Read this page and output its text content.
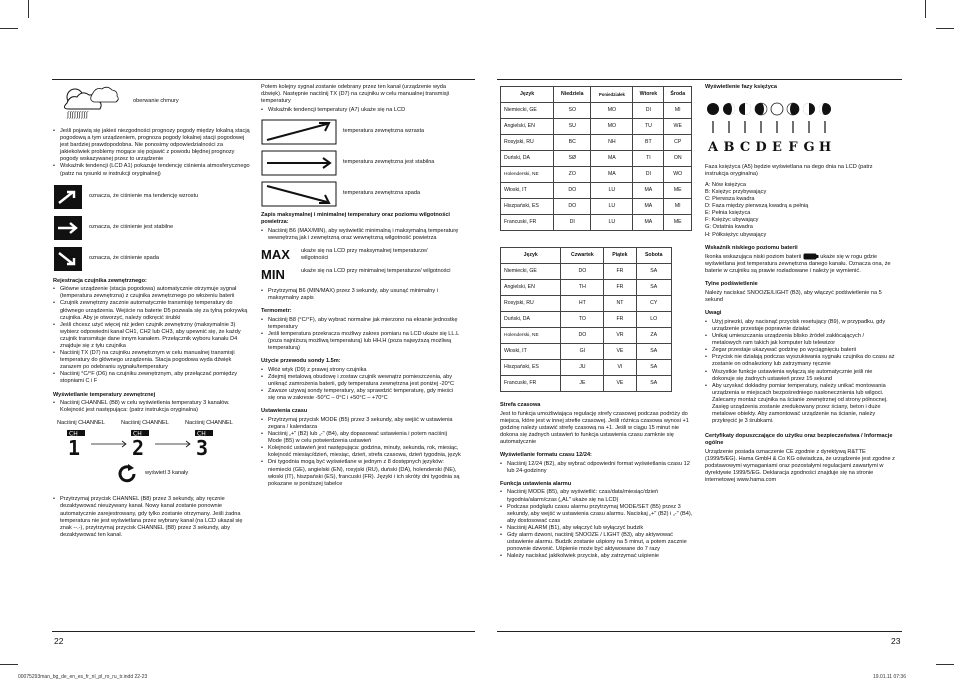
ʃʃʃʃʃʃʃʃʃ
oberwanie chmury
• Jeśli pojawią się jakieś niezgodności prognozy pogody między lokalną stacją pogodową a tym urządzeniem, prognoza pogody lokalnej stacji pogodowej jest bardziej prawdopodobna. Nie ponosimy odpowiedzialności za jakiekolwiek problemy mogące się pojawić z powodu błędnej prognozy pogody wskazywanej przez to urządzenie
• Wskaźnik tendencji (LCD A1) pokazuje tendencję ciśnienia atmosferycznego (patrz na rysunki w instrukcji oryginalnej)
oznacza, że ciśnienie ma tendencję wzrostu
oznacza, że ciśnienie jest stabilne
oznacza, że ciśnienie spada

Rejestracja czujnika zewnętrznego:

• Główne urządzenie (stacja pogodowa) automatycznie otrzymuje sygnał (temperatura zewnętrzna) z czujnika zewnętrznego po włożeniu baterii
• Czujnik zewnętrzny zacznie automatycznie transmisję temperatury do głównego urządzenia. Wejście na baterie D5 pozwala się za tylną pokrywką czujnika. Aby je otworzyć, należy odkręcić śrubki
• Jeśli chcesz użyć więcej niż jeden czujnik zewnętrzny (maksymalnie 3) wybierz odpowiedni kanał CH1, CH2 lub CH3, aby upewnić się, że każdy czujnik transmituje dane innym kanałem. Przełącznik wyboru kanału D4 znajduje się z tyłu czujnika
• Naciśnij TX (D7) na czujniku zewnętrznym w celu manualnej transmisji temperatury do głównego urządzenia. Stacja pogodowa wyda dźwięk zarazem po odebraniu sygnału/temperatury
• Naciśnij °C/°F (D6) na czujniku zewnętrznym, aby przełączać pomiędzy stopniami C i F

Wyświetlanie temperatury zewnętrznej

• Naciśnij CHANNEL (B8) w celu wyświetlenia temperatury 3 kanałów. Kolejność jest następująca: (patrz instrukcja oryginalna)
Naciśnij CHANNEL	Naciśnij CHANNEL	Naciśnij CHANNEL
CH
1
CH
2
CH
3
wyświetl 3 kanały
• Przytrzymaj przycisk CHANNEL (B8) przez 3 sekundy, aby ręcznie dezaktywować nieużywany kanał. Nowy kanał zostanie ponownie automatycznie zarejestrowany, gdy tylko zostanie otrzymany. Jeśli żadna temperatura nie jest wyświetlana przez wybrany kanał (na LCD ukazał się znak --.-), przytrzymaj przycisk CHANNEL (B8) przez 3 sekundy, aby dezaktywować ten kanał.

Potem kolejny sygnał zostanie odebrany przez ten kanał (urządzenie wyda dźwięk). Następnie naciśnij TX (D7) na czujniku w celu manualnej transmisji temperatury

• Wskaźnik tendencji temperatury (A7) ukaże się na LCD
temperatura zewnętrzna wzrasta
temperatura zewnętrzna jest stabilna
temperatura zewnętrzna spada

Zapis maksymalnej i minimalnej temperatury oraz poziomu wilgotności powietrza:

• Naciśnij B6 (MAX/MIN), aby wyświetlić minimalną i maksymalną temperaturę wewnętrzną jak i zewnętrzną oraz wewnętrzną wilgotność powietrza
MAX	ukaże się na LCD przy maksymalnej temperaturze/ wilgotności
MIN	ukaże się na LCD przy minimalnej temperaturze/ wilgotności
• Przytrzymaj B6 (MIN/MAX) przez 3 sekundy, aby usunąć minimalny i maksymalny zapis

Termometr:

• Naciśnij B8 (°C/°F), aby wybrać normalne jak mierzono na ekranie jednostkę temperatury
• Jeśli temperatura przekracza możliwy zakres pomiaru na LCD ukaże się LL.L (poza najniższą możliwą temperaturą) lub HH.H (poza najwyższą możliwą temperaturą)

Użycie przewodu sondy 1.5m:

• Włóż wtyk (D9) z prawej strony czujnika
• Zdejmij metalową obudowę i zostaw czujnik wewnątrz pomieszczenia, aby uniknąć zamrożenia baterii, gdy temperatura zewnętrzna jest poniżej -20°C
• Zawsze używaj sondy temperatury, aby sprawdzić temperaturę, gdy mieści się ona w zakresie -50°C – 0°C i +50°C – +70°C

Ustawienia czasu

• Przytrzymaj przycisk MODE (B5) przez 3 sekundy, aby wejść w ustawienia zegara / kalendarza
• Naciśnij „+" (B2) lub „-" (B4), aby dopasować ustawienia i potem naciśnij Mode (B5) w celu potwierdzenia ustawień
• Kolejność ustawień jest następująca: godzina, minuty, sekunda, rok, miesiąc, kolejność miesiąc/dzień, miesiąc, dzień, strefa czasowa, dzień tygodnia, język
• Dni tygodnia mogą być wyświetlane w jednym z 8 dostępnych języków: niemiecki (GE), angielski (EN), rosyjski (RU), duński (DA), holenderski (NE), włoski (IT), hiszpański (ES), francuski (FR). Języki i ich skróty dni tygodnia są pokazane w poniższej tabelce
22
Język	Niedziela	Poniedziałek	Wtorek	Środa
Niemiecki, GE	SO	MO	DI	MI
Angielski, EN	SU	MO	TU	WE
Rosyjski, RU	BC	NH	BT	CP
Duński, DA	SØ	MA	TI	ON
Holenderski, NE	ZO	MA	DI	WO
Włoski, IT	DO	LU	MA	ME
Hiszpański, ES	DO	LU	MA	MI
Francuski, FR	DI	LU	MA	ME
Język	Czwartek	Piątek	Sobota
Niemiecki, GE	DO	FR	SA
Angielski, EN	TH	FR	SA
Rosyjski, RU	HT	NT	CY
Duński, DA	TO	FR	LO
Holenderski, NE	DO	VR	ZA
Włoski, IT	GI	VE	SA
Hiszpański, ES	JU	VI	SA
Francuski, FR	JE	VE	SA

Strefa czasowa

Jest to funkcja umożliwiająca regulację strefy czasowej podczas podróży do miejsca, które jest w innej strefie czasowej. Jeśli różnica czasowa wynosi +1 godzinę należy ustawić strefę czasową na +1. Jeśli w ciągu 15 minut nie dokona się żadnych ustawień to funkcja ustawienia czasu zamknie się automatycznie

Wyświetlanie formatu czasu 12/24:

• Naciśnij 12/24 (B2), aby wybrać odpowiedni format wyświetlania czasu 12 lub 24-godzinny

Funkcja ustawienia alarmu

• Naciśnij MODE (B5), aby wyświetlić: czas/data/miesiąc/dzień tygodnia/alarm/czas („AL" ukaże się na LCD)
• Podczas podglądu czasu alarmu przytrzymaj MODE/SET (B5) przez 3 sekundy, aby wejść w ustawienia czasu alarmu. Naciskaj „+" (B2) i „-" (B4), aby dostosować czas
• Naciśnij ALARM (B1), aby włączyć lub wyłączyć budzik
• Gdy alarm dzwoni, naciśnij SNOOZE / LIGHT (B3), aby aktywować ustawienie alarmu. Budzik zostanie uśpiony na 5 minut, a potem zacznie ponownie dzwonić. Uśpienie może być aktywowane do 7 razy
• Należy naciskać jakikolwiek przycisk, aby zatrzymać uśpienie

Wyświetlenie fazy księżyca

A B C D E F G H

Faza księżyca (A5) będzie wyświetlana na dego dnia na LCD (patrz instrukcja oryginalna)

A: Nów księżyca
B: Księżyc przybywający
C: Pierwsza kwadra
D: Faza między pierwszą kwadrą a pełnią
E: Pełnia księżyca
F: Księżyc ubywający
G: Ostatnia kwadra
H: Półksiężyc ubywający

Wskaźnik niskiego poziomu baterii

Ikonka wskazująca niski poziom baterii	ukaże się w rogu gdzie wyświetlana jest temperatura zewnętrzna danego kanału. Oznacza ona, że baterie w czujniku są prawie rozładowane i należy je wymienić.

Tylne podświetlenie

Należy naciskać SNOOZE/LIGHT (B3), aby włączyć podświetlenie na 5 sekund

Uwagi

• Użyj pinezki, aby nacisnąć przycisk resetujący (B9), w przypadku, gdy urządzenie przestaje poprawnie działać
• Unikaj umieszczania urządzenia blisko źródeł zakłócających / metalowych ram takich jak komputer lub telewizor
• Zegar przestaje ukazywać godzinę po wyciągnięciu baterii
• Przycisk nie działają podczas wyszukiwania sygnału czujnika do czasu aż zostanie on odnaleziony lub zatrzymany ręcznie
• Wszystkie funkcje ustawienia wyłączą się automatycznie jeśli nie dokonuje się żadnych ustawień przez 15 sekund
• Aby uzyskać dokładny pomiar temperatury, należy unikać montowania urządzenia w miejscach bezpośredniego nasłonecznienia lub wilgoci. Zalecamy montaż czujnika na ścianie zewnętrznej od strony północnej. Zasięg urządzenia zostanie zredukowany przez ściany, beton i duże metalowe obiekty. Aby zamontować urządzenie na ścianie, należy przykręcić je 3 śrubkami.

Certyfikaty dopuszczające do użytku oraz bezpieczeństwa / Informacje ogólne

Urządzenie posiada oznaczenie CE zgodnie z dyrektywą R&TTE (1999/5/EG). Hama GmbH & Co KG oświadcza, że urządzenie jest zgodne z podstawowymi wymaganiami oraz pozostałymi regulacjami zawartymi w dyrektywie 1999/5/EG. Deklaracja zgodności znajduje się na stronie internetowej www.hama.com

23
00075293man_bg_de_en_es_fr_nl_pl_ro_ru_tr.indd 22-23	19.01.11 07:36
